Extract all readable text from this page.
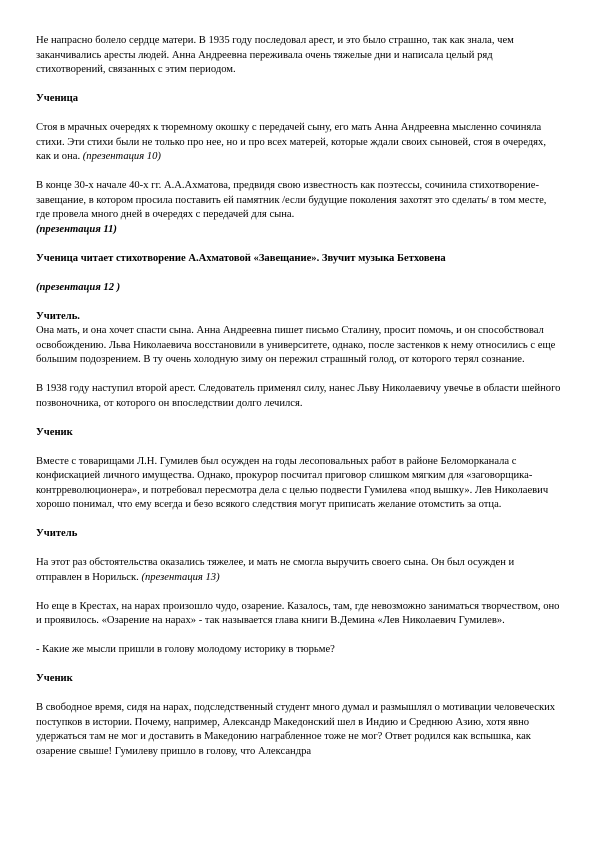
Не напрасно болело сердце матери. В 1935 году последовал арест, и это было страшно, так как знала, чем заканчивались аресты людей. Анна Андреевна переживала очень тяжелые дни и написала целый ряд стихотворений, связанных с этим периодом.

Ученица

Стоя в мрачных очередях к тюремному окошку с передачей сыну, его мать Анна Андреевна мысленно сочиняла стихи. Эти стихи были не только про нее, но и про всех матерей, которые ждали своих сыновей, стоя в очередях, как и она. (презентация 10)

В конце 30-х начале 40-х гг. А.А.Ахматова, предвидя свою известность как поэтессы, сочинила стихотворение-завещание, в котором просила поставить ей памятник /если будущие поколения захотят это сделать/ в том месте, где провела много дней в очередях с передачей для сына.
(презентация 11)

Ученица читает стихотворение А.Ахматовой «Завещание». Звучит музыка Бетховена

(презентация 12 )

Учитель.

Она мать, и она хочет спасти сына. Анна Андреевна пишет письмо Сталину, просит помочь, и он способствовал освобождению. Льва Николаевича восстановили в университете, однако, после застенков к нему относились с еще большим подозрением. В ту очень холодную зиму он пережил страшный голод, от которого терял сознание.

В 1938 году наступил второй арест. Следователь применял силу, нанес Льву Николаевичу увечье в области шейного позвоночника, от которого он впоследствии долго лечился.

Ученик

Вместе с товарищами Л.Н. Гумилев был осужден на годы лесоповальных работ в районе Беломорканала с конфискацией личного имущества. Однако, прокурор посчитал приговор слишком мягким для «заговорщика-контрреволюционера», и потребовал пересмотра дела с целью подвести Гумилева «под вышку». Лев Николаевич хорошо понимал, что ему всегда и безо всякого следствия могут приписать желание отомстить за отца.

Учитель

На этот раз обстоятельства оказались тяжелее, и мать не смогла выручить своего сына. Он был осужден и отправлен в Норильск. (презентация 13)

Но еще в Крестах, на нарах произошло чудо, озарение. Казалось, там, где невозможно заниматься творчеством, оно и проявилось. «Озарение на нарах» - так называется глава книги В.Демина «Лев Николаевич Гумилев».

- Какие же мысли пришли в голову молодому историку в тюрьме?

Ученик

В свободное время, сидя на нарах, подследственный студент много думал и размышлял о мотивации человеческих поступков в истории. Почему, например, Александр Македонский шел в Индию и Среднюю Азию, хотя явно удержаться там не мог и доставить в Македонию награбленное тоже не мог? Ответ родился как вспышка, как озарение свыше! Гумилеву пришло в голову, что Александра
